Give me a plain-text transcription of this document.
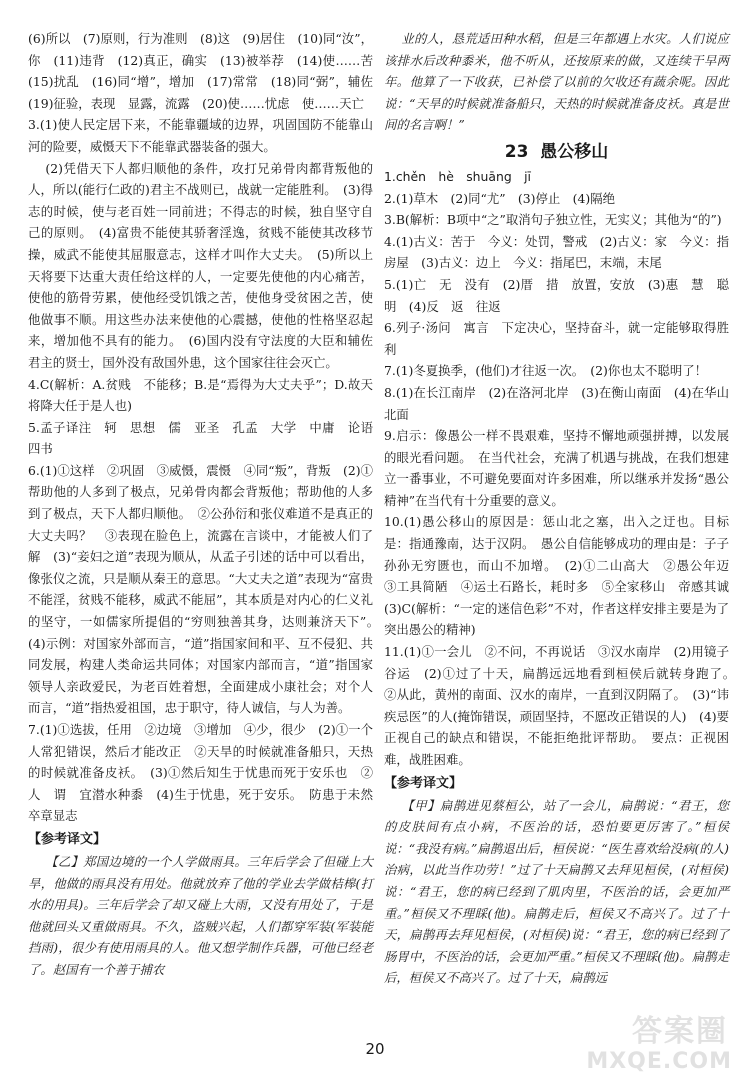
(6)所以　(7)原则，行为准则　(8)这　(9)居住　(10)同“汝”，你　(11)违背　(12)真正，确实　(13)被举荐　(14)使……苦　(15)扰乱　(16)同“增”，增加　(17)常常　(18)同“弼”，辅佐　(19)征验，表现　显露，流露　(20)使……忧虑　使……天亡

3.(1)使人民定居下来，不能靠疆域的边界，巩固国防不能靠山河的险要，威慑天下不能靠武器装备的强大。

(2)凭借天下人都归顺他的条件，攻打兄弟骨肉都背叛他的人，所以(能行仁政的)君主不战则已，战就一定能胜利。　(3)得志的时候，使与老百姓一同前进；不得志的时候，独自坚守自己的原则。　(4)富贵不能使其骄奢淫逸，贫贱不能使其改移节操，威武不能使其屈服意志，这样才叫作大丈夫。　(5)所以上天将要下达重大责任给这样的人，一定要先使他的内心痛苦，使他的筋骨劳累，使他经受饥饿之苦，使他身受贫困之苦，使他做事不顺。用这些办法来使他的心震撼，使他的性格坚忍起来，增加他不具有的能力。　(6)国内没有守法度的大臣和辅佐君主的贤士，国外没有敌国外患，这个国家往往会灭亡。

4.C(解析：A.贫贱　不能移；B.是“焉得为大丈夫乎”；D.故天将降大任于是人也)

5.孟子译注　轲　思想　儒　亚圣　孔孟　大学　中庸　论语　四书

6.(1)①这样　②巩固　③威慑，震慑　④同“叛”，背叛　(2)①帮助他的人多到了极点，兄弟骨肉都会背叛他；帮助他的人多到了极点，天下人都归顺他。　②公孙衍和张仪难道不是真正的大丈夫吗？　③表现在脸色上，流露在言谈中，才能被人们了解　(3)“妾妇之道”表现为顺从，从孟子引述的话中可以看出，像张仪之流，只是顺从秦王的意思。“大丈夫之道”表现为“富贵不能淫，贫贱不能移，威武不能屈”，其本质是对内心的仁义礼的坚守，一如儒家所提倡的“穷则独善其身，达则兼济天下”。　(4)示例：对国家外部而言，“道”指国家间和平、互不侵犯、共同发展，构建人类命运共同体；对国家内部而言，“道”指国家领导人亲政爱民，为老百姓着想，全面建成小康社会；对个人而言，“道”指热爱祖国，忠于职守，待人诚信，与人为善。

7.(1)①选拔，任用　②边境　③增加　④少，很少　(2)①一个人常犯错误，然后才能改正　②天旱的时候就准备船只，天热的时候就准备皮袄。　(3)①然后知生于忧患而死于安乐也　②人　谓　宜潜水种黍　(4)生于忧患，死于安乐。　防患于未然　卒章显志

【参考译文】

【乙】郑国边境的一个人学做雨具。三年后学会了但碰上大旱，他做的雨具没有用处。他就放弃了他的学业去学做桔槔(打水的用具)。三年后学会了却又碰上大雨，又没有用处了，于是他就回头又重做雨具。不久，盗贼兴起，人们都穿军装(军装能挡雨)，很少有使用雨具的人。他又想学制作兵器，可他已经老了。赵国有一个善于捕农

业的人，恳荒适田种水稻，但是三年都遇上水灾。人们说应该排水后改种黍米，他不听从，还按原来的做，又连续干早两年。他算了一下收获，已补偿了以前的欠收还有蔬余呢。因此说：“天旱的时候就准备船只，天热的时候就准备皮袄。真是世间的名言啊！”

23 愚公移山

1.chěn　hè　shuāng　jī

2.(1)草木　(2)同“尤”　(3)停止　(4)隔绝

3.B(解析：B项中“之”取消句子独立性，无实义；其他为“的”)

4.(1)古义：苦于　今义：处罚，警戒　(2)古义：家　今义：指房屋　(3)古义：边上　今义：指尾巴，末端，末尾

5.(1)亡　无　没有　(2)厝　措　放置，安放　(3)惠　慧　聪明　(4)反　返　往返

6.列子·汤问　寓言　下定决心，坚持奋斗，就一定能够取得胜利

7.(1)冬夏换季，(他们)才往返一次。　(2)你也太不聪明了！

8.(1)在长江南岸　(2)在洛河北岸　(3)在衡山南面　(4)在华山北面

9.启示：像愚公一样不畏艰难，坚持不懈地顽强拼搏，以发展的眼光看问题。　在当代社会，充满了机遇与挑战，在我们想建立一番事业，不可避免要面对许多困难，所以继承并发扬“愚公精神”在当代有十分重要的意义。

10.(1)愚公移山的原因是：惩山北之塞，出入之迂也。目标是：指通豫南，达于汉阴。　愚公自信能够成功的理由是：子子孙孙无穷匮也，而山不加增。　(2)①二山高大　②愚公年迈　③工具简陋　④运土石路长，耗时多　⑤全家移山　帝感其诚　(3)C(解析：“一定的迷信色彩”不对，作者这样安排主要是为了突出愚公的精神)

11.(1)①一会儿　②不问，不再说话　③汉水南岸　(2)用镜子谷运　(2)①过了十天，扁鹊远远地看到桓侯后就转身跑了。　②从此，黄州的南面、汉水的南岸，一直到汉阴隔了。　(3)“讳疾忌医”的人(掩饰错误，顽固坚持，不愿改正错误的人)　(4)要正视自己的缺点和错误，不能拒绝批评帮助。　要点：正视困难，战胜困难。

【参考译文】

【甲】扁鹊进见蔡桓公，站了一会儿，扁鹊说：“君王，您的皮肤间有点小病，不医治的话，恐怕要更厉害了。”桓侯说：“我没有病。”扁鹊退出后，桓侯说：“医生喜欢给没病(的人)治病，以此当作功劳！”过了十天扁鹊又去拜见桓侯，(对桓侯)说：“君王，您的病已经到了肌肉里，不医治的话，会更加严重。”桓侯又不理睬(他)。扁鹊走后，桓侯又不高兴了。过了十天，扁鹊再去拜见桓侯，(对桓侯)说：“君王，您的病已经到了肠胃中，不医治的话，会更加严重。”桓侯又不理睬(他)。扁鹊走后，桓侯又不高兴了。过了十天，扁鹊远

20	答案圈
MXQE.COM
